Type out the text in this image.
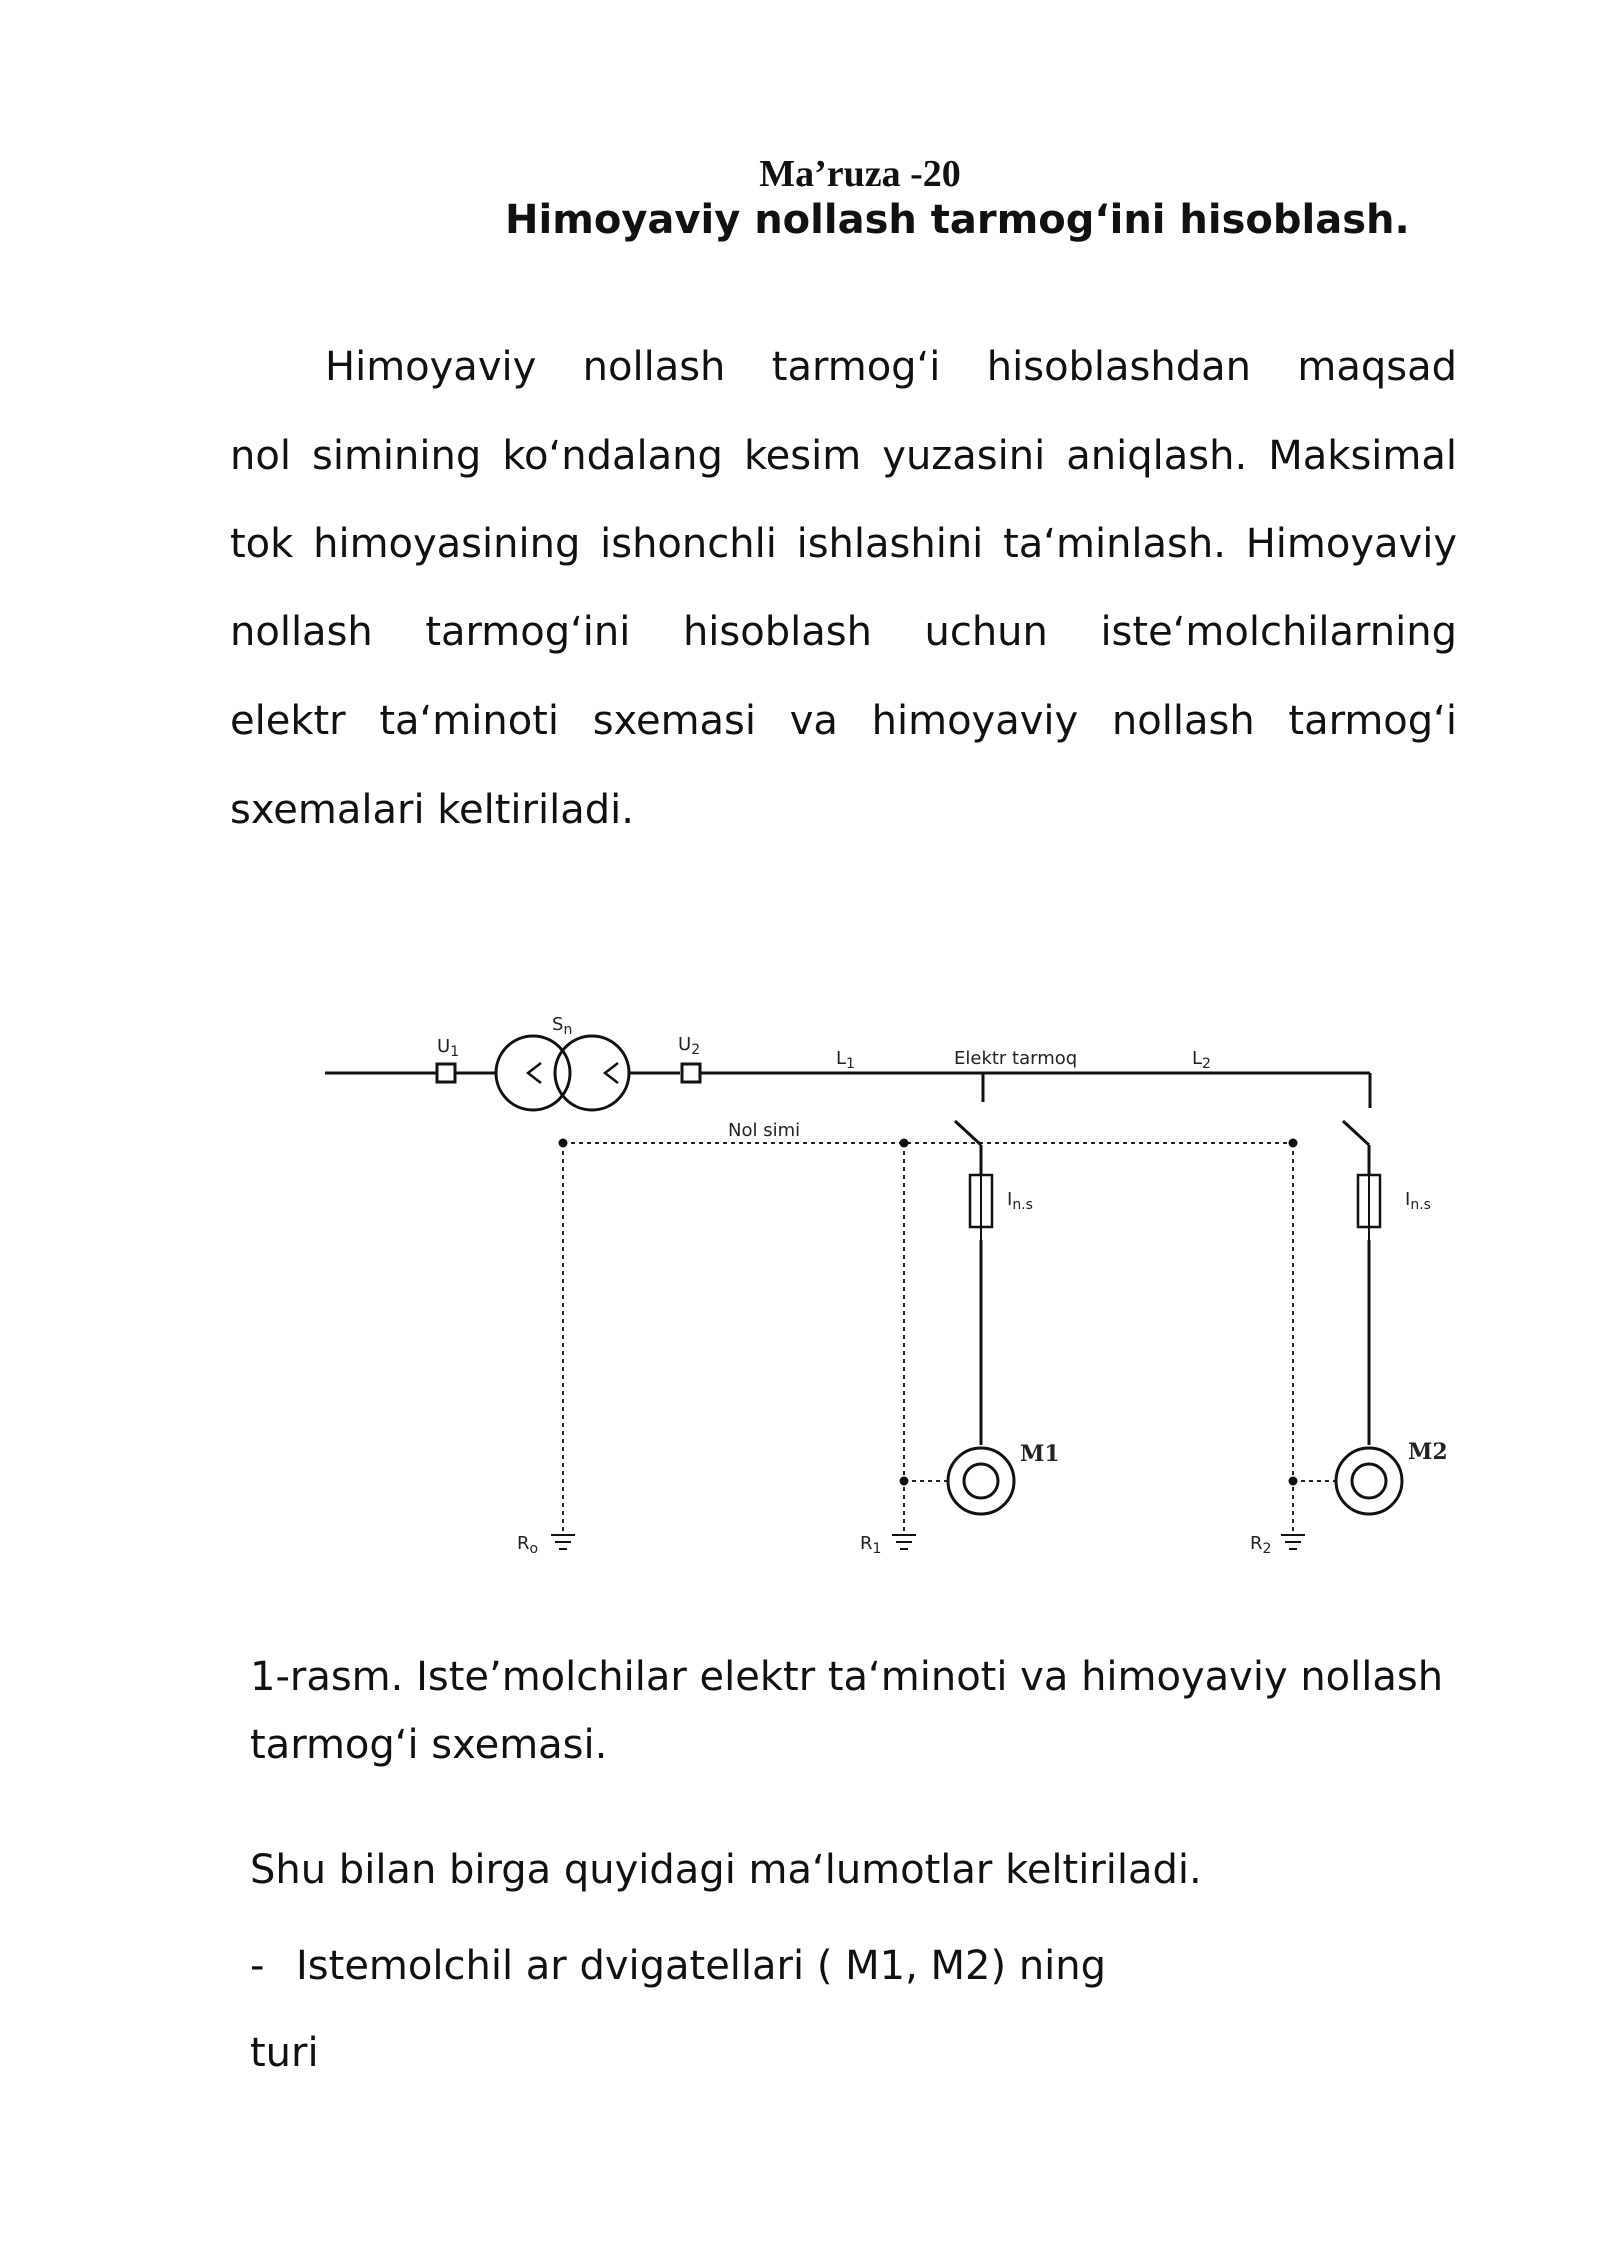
Ma’ruza -20
Himoyaviy nollash tarmog‘ini hisoblash.
Himoyaviy nollash tarmog‘i hisoblashdan maqsad
nol simining ko‘ndalang kesim yuzasini aniqlash. Maksimal
tok himoyasining ishonchli ishlashini ta‘minlash. Himoyaviy
nollash tarmog‘ini hisoblash uchun iste‘molchilarning
elektr ta‘minoti sxemasi va himoyaviy nollash tarmog‘i
sxemalari keltiriladi.
$U_1$
$S_n$
$U_2$	$L_1$	Elektr tarmoq	$L_2$
Nol simi
$I_{n.s}$	$I_{n.s}$
M1	M2
$R_o$	$R_1$	$R_2$
1-rasm. Iste’molchilar elektr ta‘minoti va himoyaviy nollash
tarmog‘i sxemasi.
Shu bilan birga quyidagi ma‘lumotlar keltiriladi.
- Istemolchil ar dvigatellari ( M1, M2) ning
turi
